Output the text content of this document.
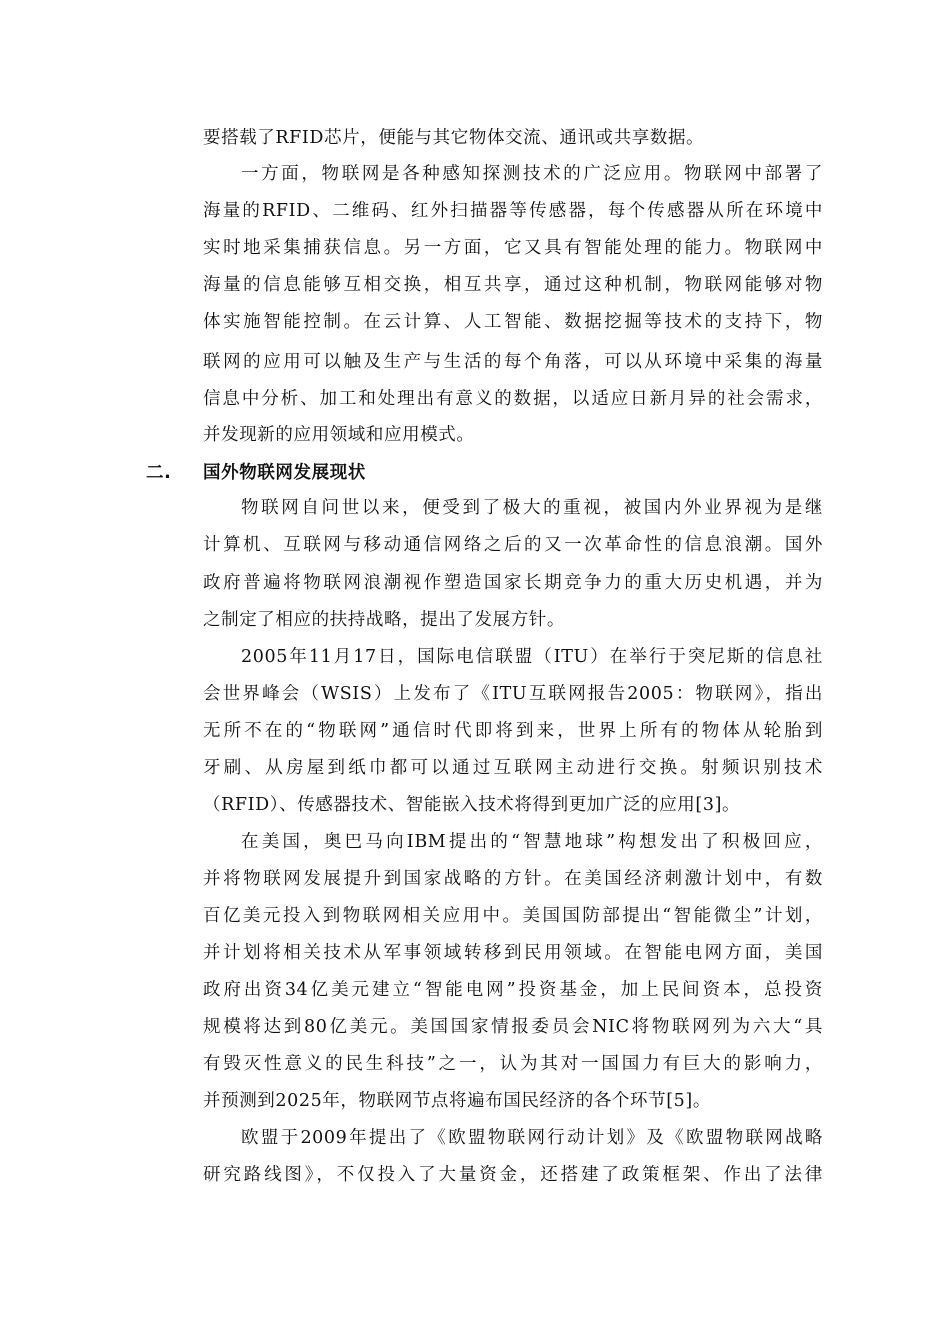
要搭载了RFID芯片，便能与其它物体交流、通讯或共享数据。
一方面，物联网是各种感知探测技术的广泛应用。物联网中部署了
海量的RFID、二维码、红外扫描器等传感器，每个传感器从所在环境中
实时地采集捕获信息。另一方面，它又具有智能处理的能力。物联网中
海量的信息能够互相交换，相互共享，通过这种机制，物联网能够对物
体实施智能控制。在云计算、人工智能、数据挖掘等技术的支持下，物
联网的应用可以触及生产与生活的每个角落，可以从环境中采集的海量
信息中分析、加工和处理出有意义的数据，以适应日新月异的社会需求，
并发现新的应用领域和应用模式。
二. 国外物联网发展现状
物联网自问世以来，便受到了极大的重视，被国内外业界视为是继
计算机、互联网与移动通信网络之后的又一次革命性的信息浪潮。国外
政府普遍将物联网浪潮视作塑造国家长期竞争力的重大历史机遇，并为
之制定了相应的扶持战略，提出了发展方针。
2005年11月17日，国际电信联盟（ITU）在举行于突尼斯的信息社
会世界峰会（WSIS）上发布了《ITU互联网报告2005：物联网》，指出
无所不在的“物联网”通信时代即将到来，世界上所有的物体从轮胎到
牙刷、从房屋到纸巾都可以通过互联网主动进行交换。射频识别技术
（RFID）、传感器技术、智能嵌入技术将得到更加广泛的应用[3]。
在美国，奥巴马向IBM提出的“智慧地球”构想发出了积极回应，
并将物联网发展提升到国家战略的方针。在美国经济刺激计划中，有数
百亿美元投入到物联网相关应用中。美国国防部提出“智能微尘”计划，
并计划将相关技术从军事领域转移到民用领域。在智能电网方面，美国
政府出资34亿美元建立“智能电网”投资基金，加上民间资本，总投资
规模将达到80亿美元。美国国家情报委员会NIC将物联网列为六大“具
有毁灭性意义的民生科技”之一，认为其对一国国力有巨大的影响力，
并预测到2025年，物联网节点将遍布国民经济的各个环节[5]。
欧盟于2009年提出了《欧盟物联网行动计划》及《欧盟物联网战略
研究路线图》，不仅投入了大量资金，还搭建了政策框架、作出了法律
